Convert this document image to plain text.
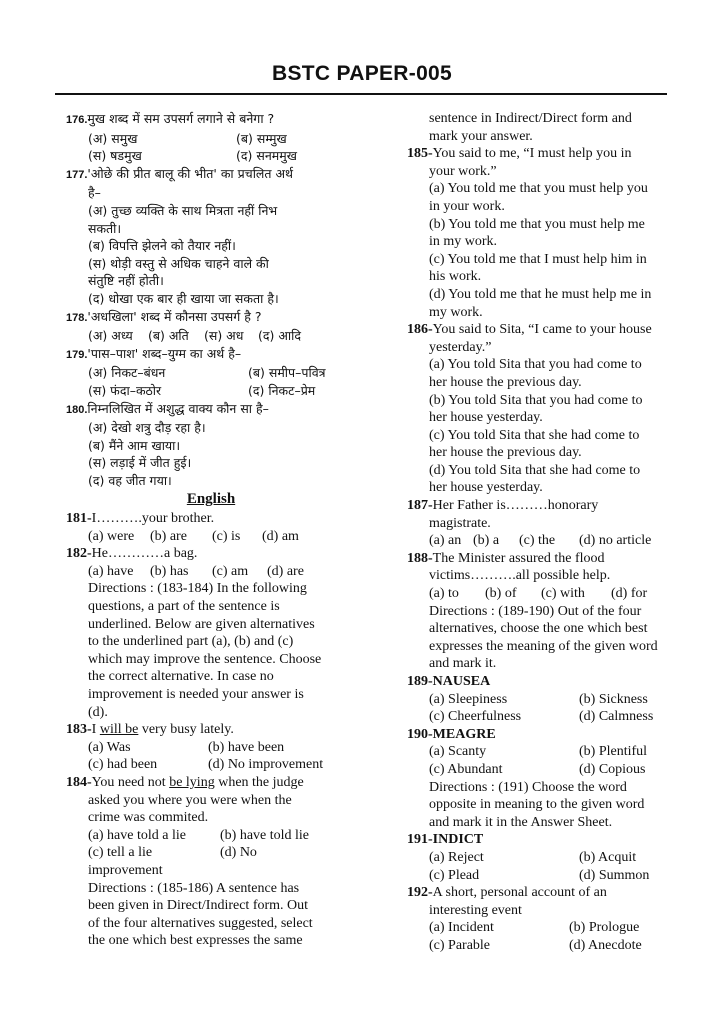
BSTC PAPER-005
176.मुख शब्द में सम उपसर्ग लगाने से बनेगा ?
(अ) समुख	(ब) सम्मुख
(स) षडमुख	(द) सनममुख
177.'ओछे की प्रीत बालू की भीत' का प्रचलित अर्थ
है–
(अ) तुच्छ व्यक्ति के साथ मित्रता नहीं निभ
सकती।
(ब) विपत्ति झेलने को तैयार नहीं।
(स) थोड़ी वस्तु से अधिक चाहने वाले की
संतुष्टि नहीं होती।
(द) धोखा एक बार ही खाया जा सकता है।
178.'अधखिला' शब्द में कौनसा उपसर्ग है ?
(अ) अध्य	(ब) अति	(स) अध	(द) आदि
179.'पास–पाश' शब्द–युग्म का अर्थ है–
(अ) निकट–बंधन	(ब) समीप–पवित्र
(स) फंदा–कठोर	(द) निकट–प्रेम
180.निम्नलिखित में अशुद्ध वाक्य कौन सा है–
(अ) देखो शत्रु दौड़ रहा है।
(ब) मैंने आम खाया।
(स) लड़ाई में जीत हुई।
(द) वह जीत गया।
English
181-I……….your brother.
(a) were	(b) are	(c) is	(d) am
182-He…………a bag.
(a) have	(b) has	(c) am	(d) are
Directions : (183-184) In the following
questions, a part of the sentence is
underlined. Below are given alternatives
to the underlined part (a), (b) and (c)
which may improve the sentence. Choose
the correct alternative. In case no
improvement is needed your answer is
(d).
183-I will be very busy lately.
(a) Was	(b) have been
(c) had been	(d) No improvement
184-You need not be lying when the judge
asked you where you were when the
crime was commited.
(a) have told a lie	(b) have told lie
(c) tell a lie	(d) No
improvement
Directions : (185-186) A sentence has
been given in Direct/Indirect form. Out
of the four alternatives suggested, select
the one which best expresses the same
sentence in Indirect/Direct form and
mark your answer.
185-You said to me, “I must help you in
your work.”
(a) You told me that you must help you
in your work.
(b) You told me that you must help me
in my work.
(c) You told me that I must help him in
his work.
(d) You told me that he must help me in
my work.
186-You said to Sita, “I came to your house
yesterday.”
(a) You told Sita that you had come to
her house the previous day.
(b) You told Sita that you had come to
her house yesterday.
(c) You told Sita that she had come to
her house the previous day.
(d) You told Sita that she had come to
her house yesterday.
187-Her Father is………honorary
magistrate.
(a) an (b) a	(c) the	(d) no article
188-The Minister assured the flood
victims……….all possible help.
(a) to	(b) of	(c) with	(d) for
Directions : (189-190) Out of the four
alternatives, choose the one which best
expresses the meaning of the given word
and mark it.
189-NAUSEA
(a) Sleepiness	(b) Sickness
(c) Cheerfulness	(d) Calmness
190-MEAGRE
(a) Scanty	(b) Plentiful
(c) Abundant	(d) Copious
Directions : (191) Choose the word
opposite in meaning to the given word
and mark it in the Answer Sheet.
191-INDICT
(a) Reject	(b) Acquit
(c) Plead	(d) Summon
192-A short, personal account of an
interesting event
(a) Incident	(b) Prologue
(c) Parable	(d) Anecdote
